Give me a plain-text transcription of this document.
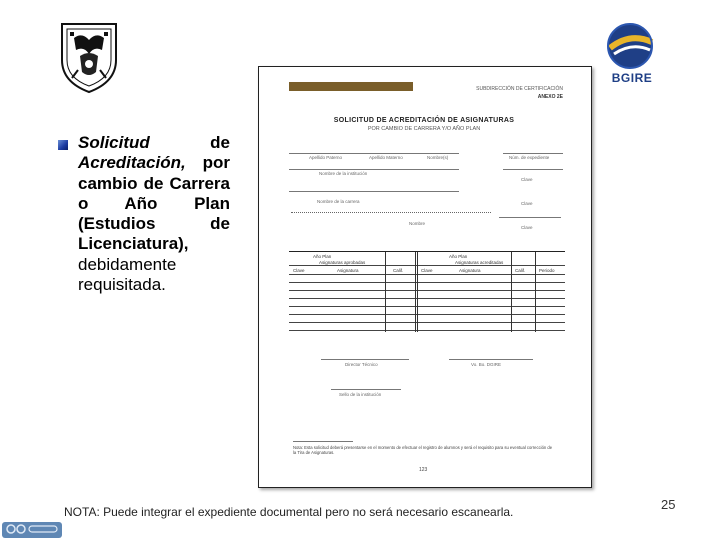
BGIRE
Solicitud	de
Acreditación, por
cambio de Carrera o Año Plan (Estudios de Licenciatura),
debidamente requisitada.
SUBDIRECCIÓN DE CERTIFICACIÓN
ANEXO 2E
SOLICITUD DE ACREDITACIÓN DE ASIGNATURAS
POR CAMBIO DE CARRERA Y/O AÑO PLAN
Apellido Paterno	Apellido Materno	Nombre(s)	Núm. de expediente
Nombre de la institución
Clave
Nombre de la carrera	Clave
Nombre
Clave
Año Plan
Asignaturas aprobadas
Año Plan
Asignaturas acreditadas
Clave	Asignatura	Calif.	Clave	Asignatura	Calif.	Periodo
Director Técnico	Vo. Bo. DGIRE
Sello de la institución
Nota: Esta solicitud deberá presentarse en el momento de efectuar el registro de alumnos y será el requisito para su eventual corrección de la Tira de Asignaturas.
123
NOTA: Puede integrar el expediente documental pero no será necesario escanearla.	25
